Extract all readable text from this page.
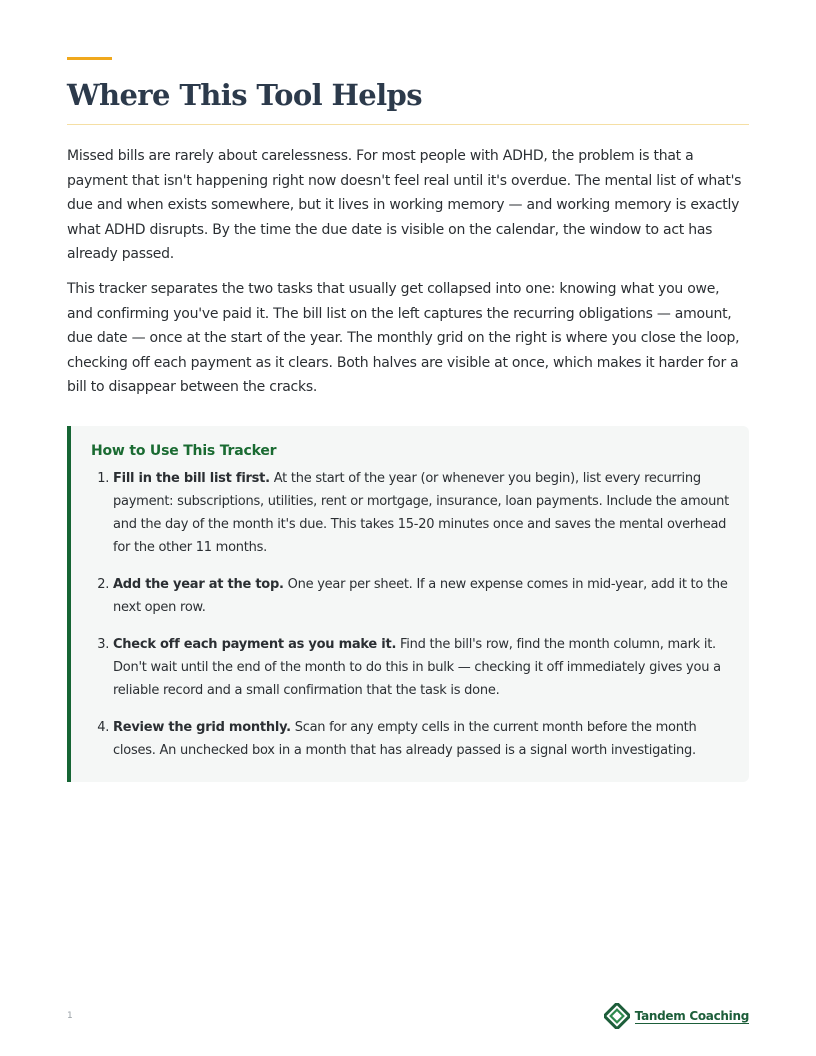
Where This Tool Helps

Missed bills are rarely about carelessness. For most people with ADHD, the problem is that a payment that isn't happening right now doesn't feel real until it's overdue. The mental list of what's due and when exists somewhere, but it lives in working memory — and working memory is exactly what ADHD disrupts. By the time the due date is visible on the calendar, the window to act has already passed.

This tracker separates the two tasks that usually get collapsed into one: knowing what you owe, and confirming you've paid it. The bill list on the left captures the recurring obligations — amount, due date — once at the start of the year. The monthly grid on the right is where you close the loop, checking off each payment as it clears. Both halves are visible at once, which makes it harder for a bill to disappear between the cracks.

How to Use This Tracker
1. Fill in the bill list first. At the start of the year (or whenever you begin), list every recurring payment: subscriptions, utilities, rent or mortgage, insurance, loan payments. Include the amount and the day of the month it's due. This takes 15-20 minutes once and saves the mental overhead for the other 11 months.
2. Add the year at the top. One year per sheet. If a new expense comes in mid-year, add it to the next open row.
3. Check off each payment as you make it. Find the bill's row, find the month column, mark it. Don't wait until the end of the month to do this in bulk — checking it off immediately gives you a reliable record and a small confirmation that the task is done.
4. Review the grid monthly. Scan for any empty cells in the current month before the month closes. An unchecked box in a month that has already passed is a signal worth investigating.
1	Tandem Coaching
